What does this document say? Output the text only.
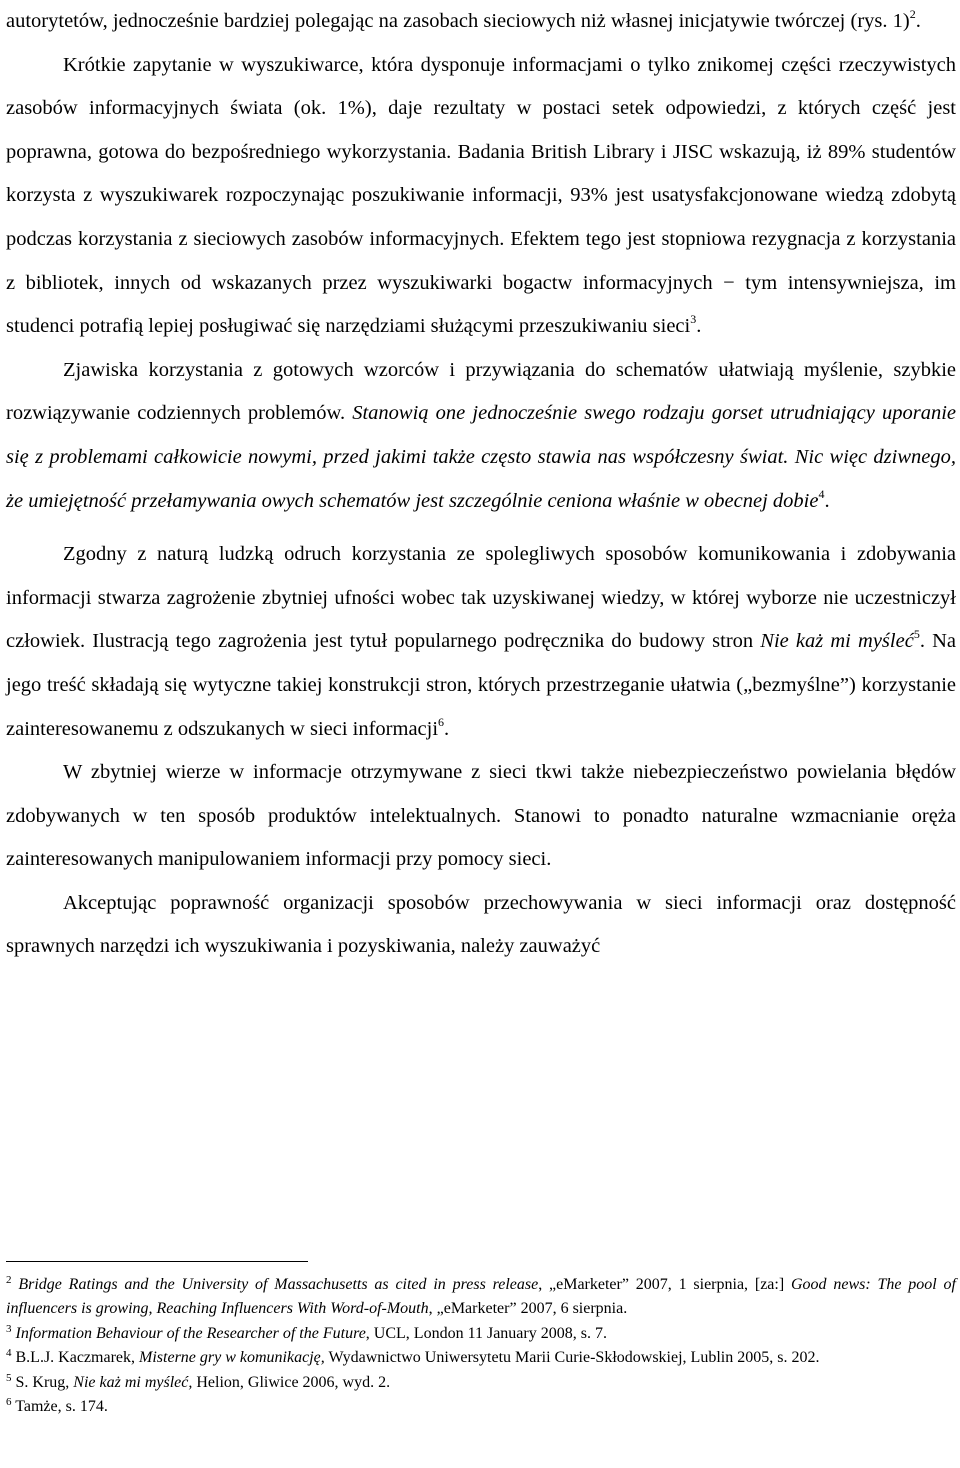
autorytetów, jednocześnie bardziej polegając na zasobach sieciowych niż własnej inicjatywie twórczej (rys. 1)$^2$.

Krótkie zapytanie w wyszukiwarce, która dysponuje informacjami o tylko znikomej części rzeczywistych zasobów informacyjnych świata (ok. 1%), daje rezultaty w postaci setek odpowiedzi, z których część jest poprawna, gotowa do bezpośredniego wykorzystania. Badania British Library i JISC wskazują, iż 89% studentów korzysta z wyszukiwarek rozpoczynając poszukiwanie informacji, 93% jest usatysfakcjonowane wiedzą zdobytą podczas korzystania z sieciowych zasobów informacyjnych. Efektem tego jest stopniowa rezygnacja z korzystania z bibliotek, innych od wskazanych przez wyszukiwarki bogactw informacyjnych − tym intensywniejsza, im studenci potrafią lepiej posługiwać się narzędziami służącymi przeszukiwaniu sieci$^3$.

Zjawiska korzystania z gotowych wzorców i przywiązania do schematów ułatwiają myślenie, szybkie rozwiązywanie codziennych problemów. Stanowią one jednocześnie swego rodzaju gorset utrudniający uporanie się z problemami całkowicie nowymi, przed jakimi także często stawia nas współczesny świat. Nic więc dziwnego, że umiejętność przełamywania owych schematów jest szczególnie ceniona właśnie w obecnej dobie$^4$.

Zgodny z naturą ludzką odruch korzystania ze spolegliwych sposobów komunikowania i zdobywania informacji stwarza zagrożenie zbytniej ufności wobec tak uzyskiwanej wiedzy, w której wyborze nie uczestniczył człowiek. Ilustracją tego zagrożenia jest tytuł popularnego podręcznika do budowy stron Nie każ mi myśleć$^5$. Na jego treść składają się wytyczne takiej konstrukcji stron, których przestrzeganie ułatwia („bezmyślne”) korzystanie zainteresowanemu z odszukanych w sieci informacji$^6$.

W zbytniej wierze w informacje otrzymywane z sieci tkwi także niebezpieczeństwo powielania błędów zdobywanych w ten sposób produktów intelektualnych. Stanowi to ponadto naturalne wzmacnianie oręża zainteresowanych manipulowaniem informacji przy pomocy sieci.

Akceptując poprawność organizacji sposobów przechowywania w sieci informacji oraz dostępność sprawnych narzędzi ich wyszukiwania i pozyskiwania, należy zauważyć

$^2$ Bridge Ratings and the University of Massachusetts as cited in press release, „eMarketer” 2007, 1 sierpnia, [za:] Good news: The pool of influencers is growing, Reaching Influencers With Word-of-Mouth, „eMarketer” 2007, 6 sierpnia.

$^3$ Information Behaviour of the Researcher of the Future, UCL, London 11 January 2008, s. 7.

$^4$ B.L.J. Kaczmarek, Misterne gry w komunikację, Wydawnictwo Uniwersytetu Marii Curie-Skłodowskiej, Lublin 2005, s. 202.

$^5$ S. Krug, Nie każ mi myśleć, Helion, Gliwice 2006, wyd. 2.

$^6$ Tamże, s. 174.
